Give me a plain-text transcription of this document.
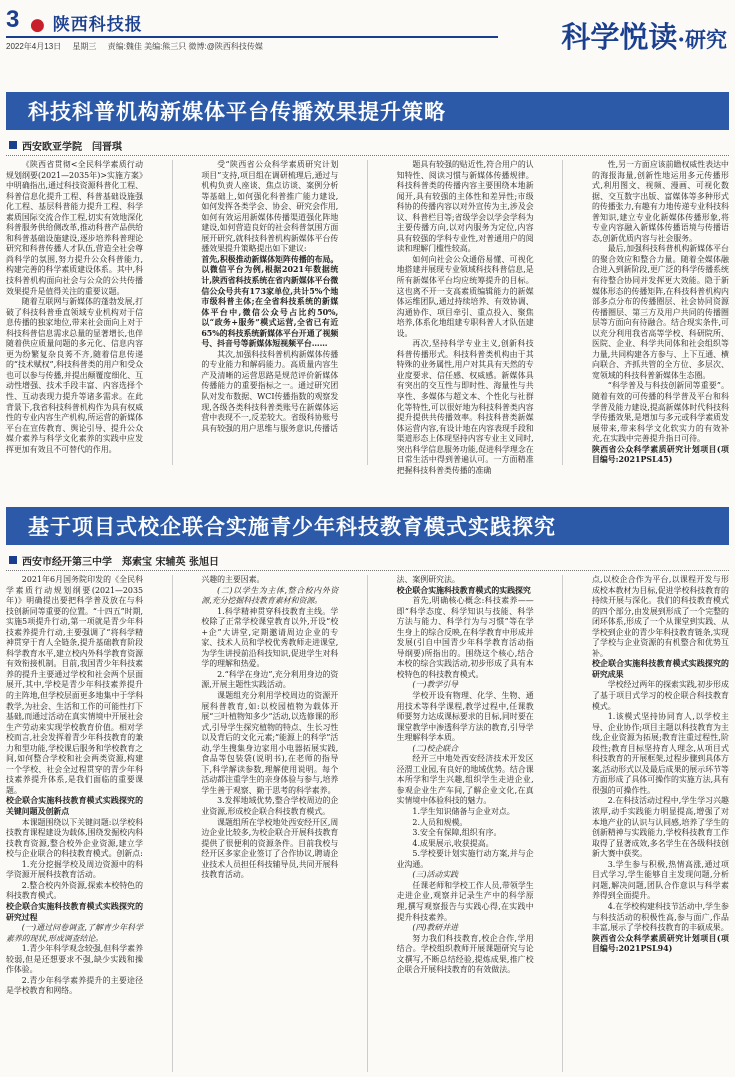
3 ● 陕西科技报
2022年4月13日 星期三 责编:魏佳 美编:熊三只 微博:@陕西科技传媒	科学悦读·研究
科技科普机构新媒体平台传播效果提升策略
西安欧亚学院 闫晋琪

《陕西省贯彻<全民科学素质行动规划纲要(2021—2035年)>实施方案》中明确指出,通过科技资源科普化工程、科普信息化提升工程、科普基础设施强化工程、基层科普能力提升工程、科学素质国际交流合作工程,切实有效地深化科普服务供给侧改革,推动科普产品供给和科普基础设施建设,逐步培养科普理论研究和科普传播人才队伍,营造全社会尊尚科学的氛围,努力提升公众科普能力,构建完善的科学素质建设体系。其中,科技科普机构面向社会与公众的公共传播效果提升是值得关注的重要议题。

随着互联网与新媒体的蓬勃发展,打破了科技科普垂直领域专业机构对于信息传播的独家地位,带来社会面向上对于科技科普信息需求总量的显著增长,也伴随着供应质量问题的多元化、信息内容更为纷繁复杂良莠不齐,随着信息传递的“技术赋权”,科技科普类的用户和受众也可以参与传播,并提出颠覆度细化、互动性增强、技术手段丰富、内容选择个性、互动表现力提升等诸多需求。在此背景下,我省科技科普机构作为具有权威性的专业内容生产机构,所运营的新媒体平台在宣传教育、舆论引导、提升公众媒介素养与科学文化素养的实践中应发挥更加有效且不可替代的作用。

受“陕西省公众科学素质研究计划项目”支持,项目组在调研梳理后,通过与机构负责人座谈、焦点访谈、案例分析等基础上,如何强化科普推广能力建设,如何发挥各类学会、协会、研究会作用,如何有效运用新媒体传播渠道强化阵地建设,如何营造良好的社会科普氛围方面展开研究,就科技科普机构新媒体平台传播效果提升策略提出如下建议:

首先,积极推动新媒体矩阵传播的布局。以微信平台为例,根据2021年数据统计,陕西省科技系统在省内新媒体平台微信公众号共有173家单位,共计5%个地市级科普主体;在全省科技系统的新媒体平台中,微信公众号占比约50%,以“政务+服务”模式运营,全省已有近65%的科技系统新媒体平台开通了视频号、抖音号等新媒体短视频平台……

其次,加强科技科普机构新媒体传播的专业能力和解码能力。高质量内容生产及清晰的运营思路是规范评价新媒体传播能力的重要指标之一。通过研究团队对发布数据、WCI传播指数的观察发现,各级各类科技科普类账号在新媒体运营中表现不一,反差较大。省级科协账号具有较强的用户思维与服务意识,传播话

题具有较强的贴近性,符合用户的认知特性、阅读习惯与新媒体传播规律。科技科普类的传播内容主要围绕本地新闻开,具有较强的主体性和差异性;市级科协的传播内容以对外宣传为主,涉及会议、科普栏目等;省级学会以学会学科为主要传播方向,以对内服务为定位,内容具有较强的学科专业性,对普通用户的阅读和理解门槛性较高。

如何向社会公众通俗易懂、可视化地搭建并展现专业领域科技科普信息,是所有新媒体平台均应统筹提升的目标。这也离不开一支高素质编辑能力的新媒体运维团队,通过持续培养、有效协调、沟通协作、项目牵引、重点投入、聚焦培养,体系化地组建专职科普人才队伍建设。

再次,坚持科学专业主义,创新科技科普传播形式。科技科普类机构由于其特殊的业务属性,用户对其具有天然的专业度要求、信任感、权威感。新媒体具有突出的交互性与即时性、海量性与共享性、多媒体与超文本、个性化与社群化等特性,可以很好地为科技科普类内容提升提供共传播效率。科技科普类新媒体运营内容,有设计地在内容表现手段和渠道形态上体现坚持内容专业主义同时,突出科学信息服务功能,促进科学理念在日常生活中得到普遍认可。一方面精准把握科技科普类传播的准确

性,另一方面应该前瞻权威性表达中的海报海量,创新性地运用多元传播形式,利用图文、视频、漫画、可视化数据、交互数字出版、富媒体等多种形式的传播张力,有趣有力地传递专业科技科普知识,建立专业化新媒体传播形象,将专业内容融入新媒体传播语境与传播语态,创新优质内容与社会服务。

最后,加强科技科普机构新媒体平台的聚合效应和整合力量。随着全媒体融合进入到新阶段,更广泛的科学传播系统有待整合协同并发挥更大效能。隐于新媒体形态的传播矩阵,在科技科普机构内部多点分布的传播圈层、社会协同资源传播圈层、第三方及用户共同的传播圈层等方面向有待融合。结合现实条件,可以充分利用我省高等学校、科研院所、医院、企业、科学共同体和社会组织等力量,共同构建各方参与、上下互通、横向联合、齐抓共管的全方位、多层次、宽领域的科技科普新媒体生态圈。

“科学普及与科技创新同等重要”。随着有效的可传播的科学普及平台和科学普及能力建设,提高新媒体时代科技科学传播效果,是增加与多元或科学素质发展带来,带来科学文化软实力的有效补充,在实践中完善提升指日可待。

陕西省公众科学素质研究计划项目(项目编号:2021PSL45)

基于项目式校企联合实施青少年科技教育模式实践探究
西安市经开第三中学 郑索宝 宋辅英 张旭日

2021年6月国务院印发的《全民科学素质行动规划纲要(2021—2035年)》明确提出要把科学普及放在与科技创新同等重要的位置。“十四五”时期,实施5项提升行动,第一项就是青少年科技素养提升行动,主要强调了“将科学精神贯穿于育人全链条,提升基础教育阶段科学教育水平,建立校内外科学教育资源有效衔接机制。目前,我国青少年科技素养的提升主要通过学校和社会两个层面展开,其中,学校是青少年科技素养提升的主阵地,但学校层面更多地集中于学科教学,为社会、生活和工作的可能性打下基础,而通过活动在真实情境中开展社会生产劳动来实现学校教育价值。相对学校而言,社会发挥着青少年科技教育的兼力和型功能,学校课后服务和学校教育之间,如何整合学校和社会两类资源,构建一个学校、社会全过程贯穿的青少年科技素养提升体系,是我们面临的重要课题。

校企联合实施科技教育模式实践探究的关键问题及创新点

本课题围绕以下关键问题:以学校科技教育课程建设为载体,围绕发掘校内科技教育资源,整合校外企业资源,建立学校与企业联合的科技教育模式。创新点:

1.充分挖掘学校及周边资源中的科学资源开展科技教育活动。

2.整合校内外资源,探索本校特色的科技教育模式。

校企联合实施科技教育模式实践探究的研究过程

(一)通过问卷调查,了解青少年科学素养的现状,形成调查结论。

1.青少年科学观念较强,但科学素养较弱,但是还想要求不强,缺少实践和操作体验。

2.青少年科学素养提升的主要途径是学校教育和网络。

兴趣的主要因素。

(二)以学生为主体,整合校内外资源,充分挖掘科技教育素材和资源。

1.科学精神贯穿科技教育主线。学校除了正常学校课堂教育以外,开设“校+企”大讲堂,定期邀请周边企业的专家、技术人员和学校优秀教师走进课堂,为学生讲授前沿科技知识,促进学生对科学的理解和热爱。

2.“科学在身边”,充分利用身边的资源,开展主题性实践活动。

课题组充分利用学校周边的资源开展科普教育,如:以校园植物为载体开展“三叶植物知多少”活动,以选修课的形式,引导学生探究植物的特点、生长习性以及背后的文化元素;“能源上的科学”活动,学生搜集身边家用小电器拓展实践,食品等包装袋(说明书),在老师的指导下,科学解读参数,理解使用说明。每个活动都注重学生的亲身体验与参与,培养学生善于观察、勤于思考的科学素养。

3.发挥地域优势,整合学校周边的企业资源,形成校企联合科技教育模式。

课题组所在学校地处西安经开区,周边企业比较多,为校企联合开展科技教育提供了很便利的资源条件。目前我校与经开区多家企业签订了合作协议,聘请企业技术人员担任科技辅导员,共同开展科技教育活动。

法、案例研究法。

校企联合实施科技教育模式的实践探究

首先,明确核心概念:科技素养——即“科学态度、科学知识与技能、科学方法与能力、科学行为与习惯”等在学生身上的综合反映,在科学教育中形成并发展(引自中国青少年科学教育活动指导纲要)所指出的。围绕这个核心,结合本校的综合实践活动,初步形成了具有本校特色的科技教育模式。

(一)教学引导

学校开设有物理、化学、生物、通用技术等科学课程,教学过程中,任课教师要努力达成课标要求的目标,同时要在课堂教学中渗透科学方法的教育,引导学生理解科学本质。

(二)校企联合

经开三中地处西安经济技术开发区泾渭工业园,有良好的地域优势。结合课本所学和学生兴趣,组织学生走进企业,参观企业生产车间,了解企业文化,在真实情境中体验科技的魅力。

1.学生知识储备与企业对点。

2.人员和规模。

3.安全有保障,组织有序。

4.成果展示,收获提高。

5.学校要计划实施行动方案,并与企业沟通。

(三)活动实践

任课老师和学校工作人员,带领学生走进企业,观察并记录生产中的科学原理,撰写观察报告与实践心得,在实践中提升科技素养。

(四)教研并进

努力我们科技教育,校企合作,学用结合。学校组织教师开展课题研究与论文撰写,不断总结经验,提炼成果,推广校企联合开展科技教育的有效做法。

点,以校企合作为平台,以课程开发与形成校本教材为目标,促进学校科技教育的持续开展与深化。我们的科技教育模式的四个部分,由发展到形成了一个完整的闭环体系,形成了一个从课堂到实践、从学校到企业的青少年科技教育链条,实现了学校与企业资源的有机整合和优势互补。

校企联合实施科技教育模式实践探究的研究成果

学校经过两年的探索实践,初步形成了基于项目式学习的校企联合科技教育模式。

1.该模式坚持协同育人,以学校主导、企业协作;项目主题以科技教育为主线,企业资源为拓展;教育注重过程性,阶段性;教育目标坚持育人理念,从项目式科技教育的开展框架,过程步骤到具体方案,活动形式以及最后成果的展示环节等方面形成了具体可操作的实施方法,具有很强的可操作性。

2.在科技活动过程中,学生学习兴趣浓厚,动手实践能力明显提高,增强了对本地产业的认识与认同感,培养了学生的创新精神与实践能力,学校科技教育工作取得了显著成效,多名学生在各级科技创新大赛中获奖。

3.学生参与积极,热情高涨,通过项目式学习,学生能够自主发现问题,分析问题,解决问题,团队合作意识与科学素养得到全面提升。

4.在学校构建科技节活动中,学生参与科技活动的积极性高,参与面广,作品丰富,展示了学校科技教育的丰硕成果。

陕西省公众科学素质研究计划项目(项目编号:2021PSL94)
